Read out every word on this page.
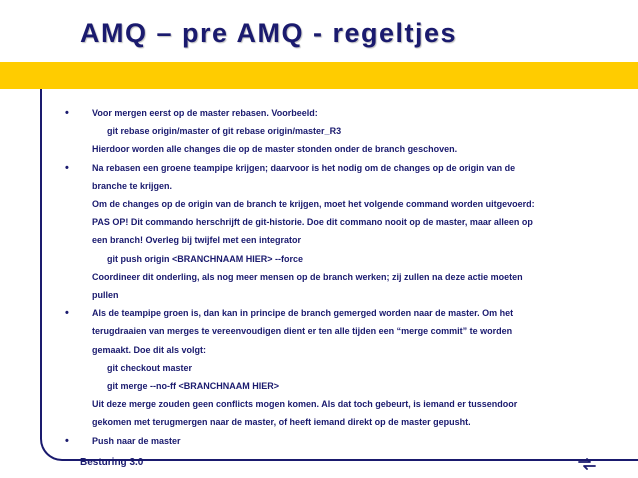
AMQ – pre AMQ - regeltjes
• Voor mergen eerst op de master rebasen. Voorbeeld:
git rebase origin/master of git rebase origin/master_R3
Hierdoor worden alle changes die op de master stonden onder de branch geschoven.
• Na rebasen een groene teampipe krijgen; daarvoor is het nodig om de changes op de origin van de
branche te krijgen.
Om de changes op de origin van de branch te krijgen, moet het volgende command worden uitgevoerd:
PAS OP! Dit commando herschrijft de git-historie. Doe dit commano nooit op de master, maar alleen op
een branch! Overleg bij twijfel met een integrator
git push origin <BRANCHNAAM HIER> --force
Coordineer dit onderling, als nog meer mensen op de branch werken; zij zullen na deze actie moeten
pullen
• Als de teampipe groen is, dan kan in principe de branch gemerged worden naar de master. Om het
terugdraaien van merges te vereenvoudigen dient er ten alle tijden een “merge commit” te worden
gemaakt. Doe dit als volgt:
git checkout master
git merge --no-ff <BRANCHNAAM HIER>
Uit deze merge zouden geen conflicts mogen komen. Als dat toch gebeurt, is iemand er tussendoor
gekomen met terugmergen naar de master, of heeft iemand direkt op de master gepusht.
• Push naar de master
Besturing 3.0
